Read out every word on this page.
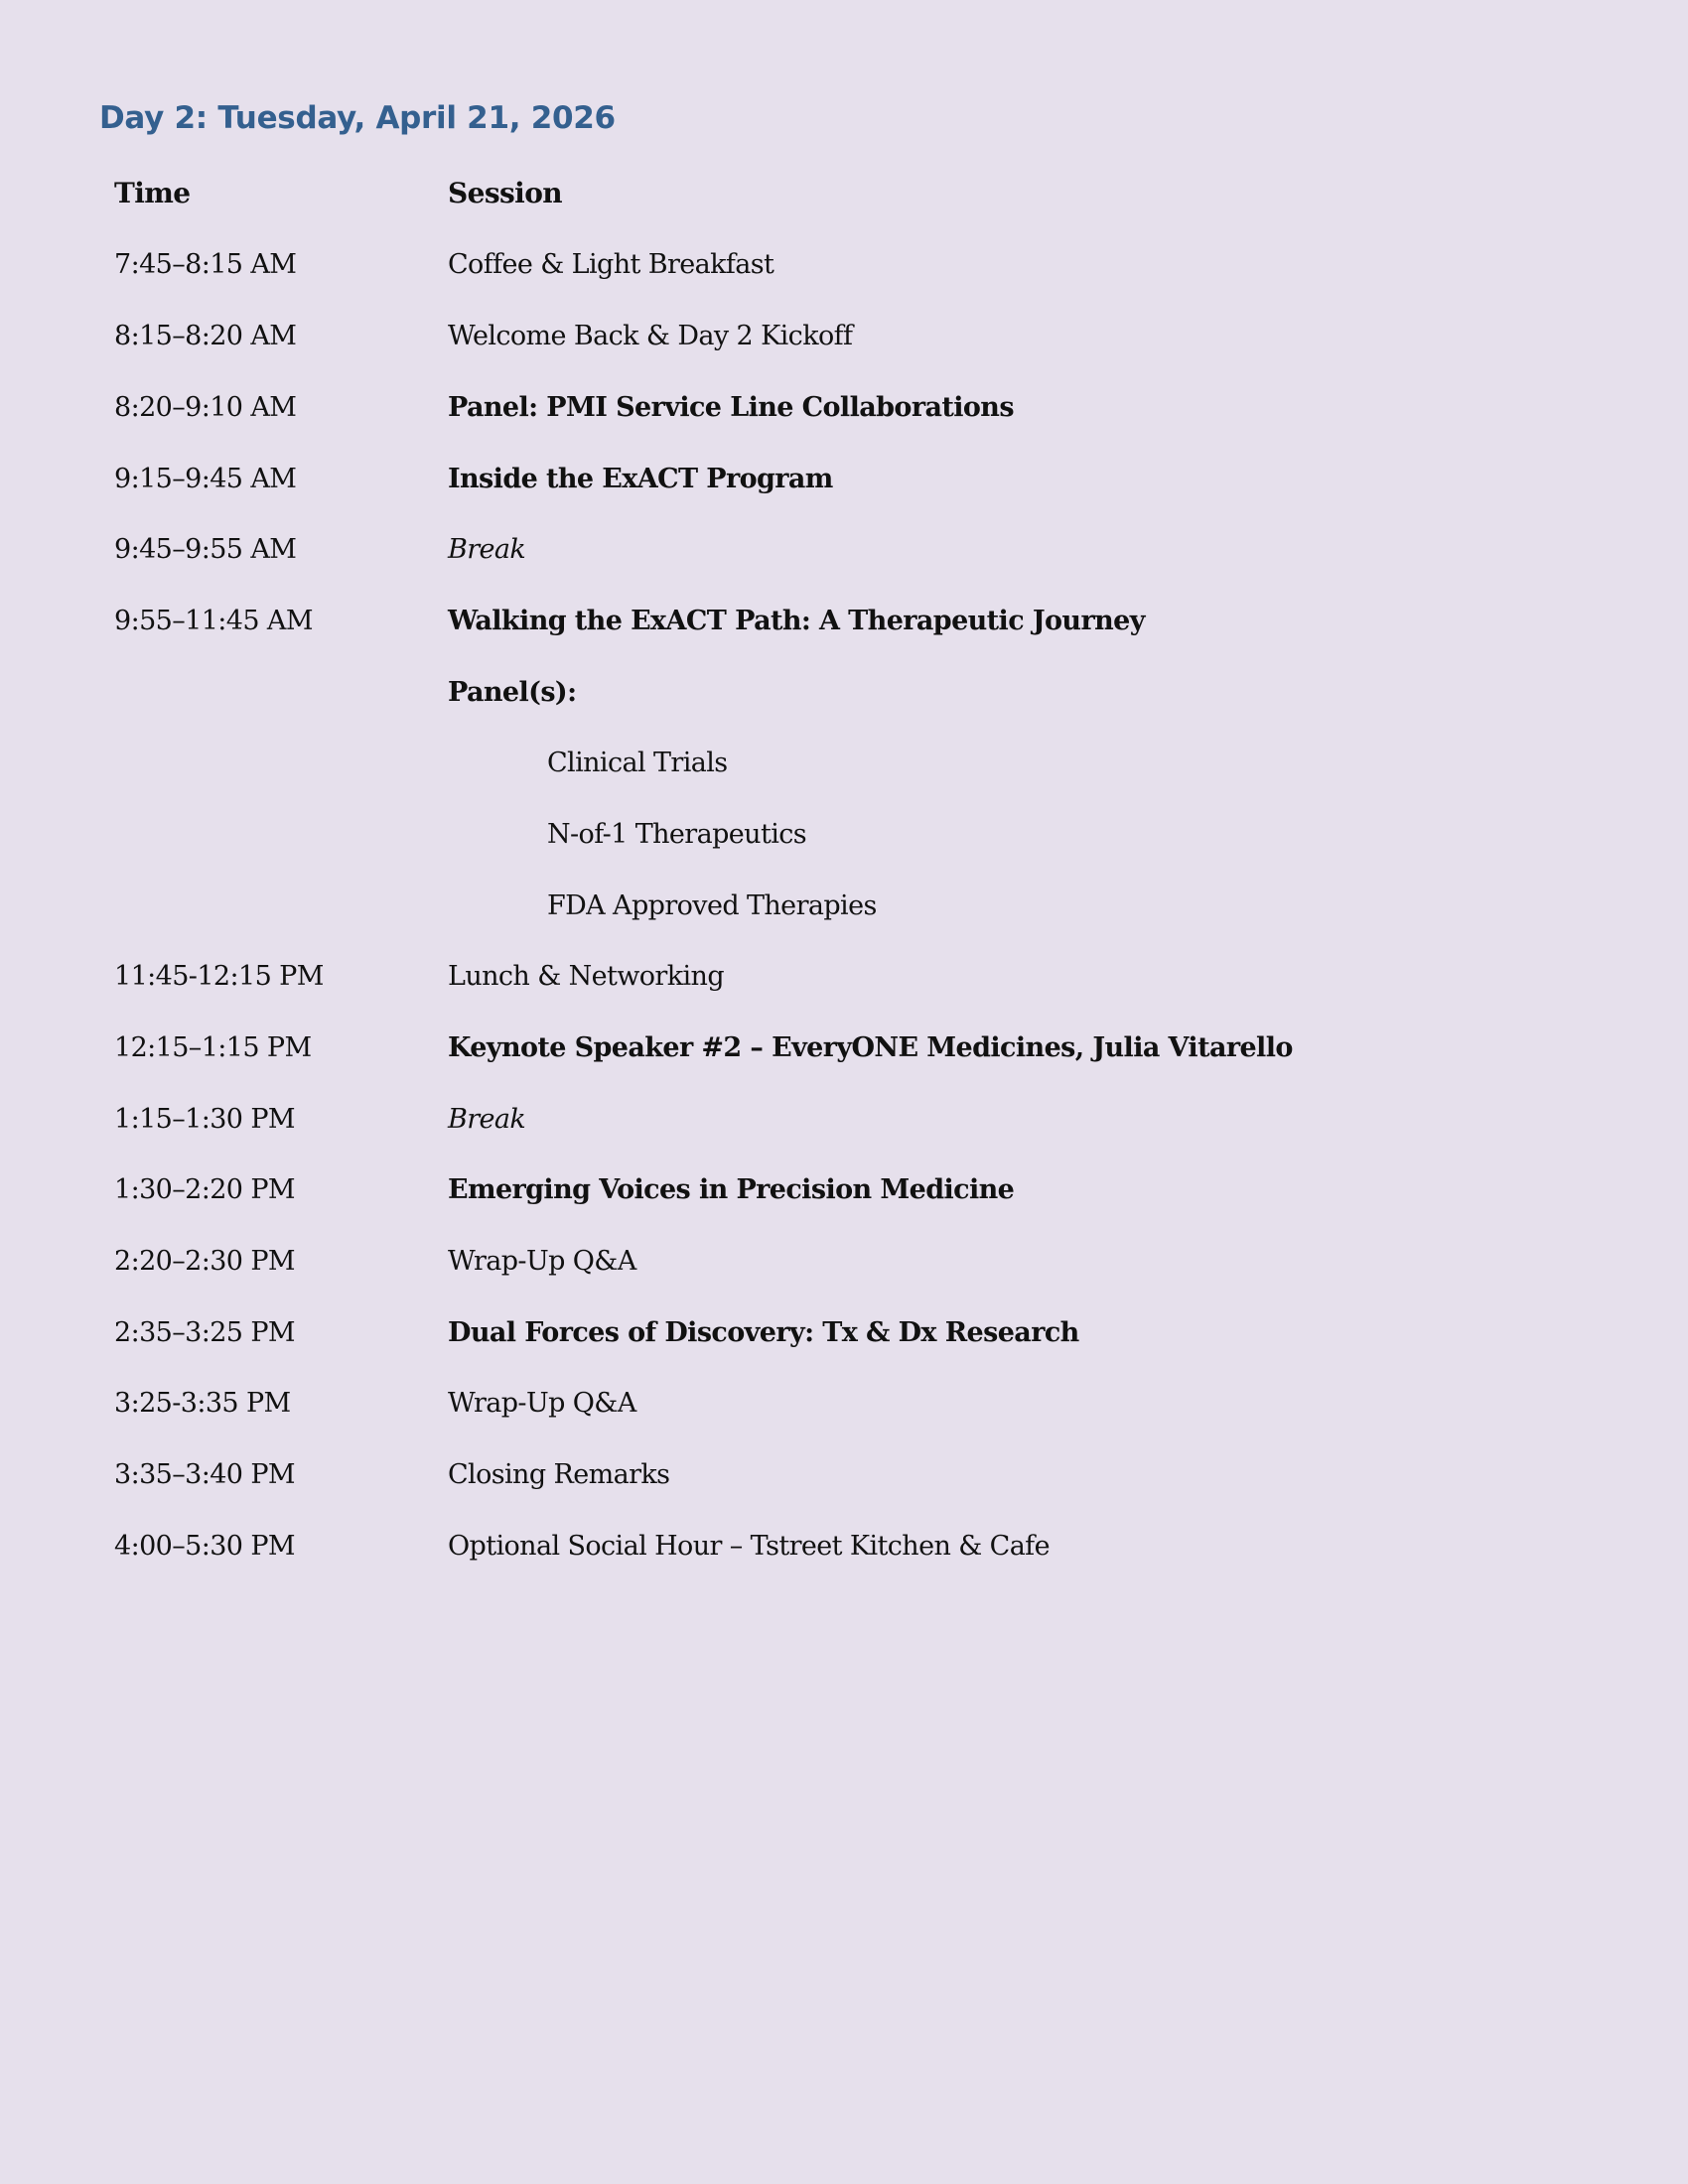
Day 2: Tuesday, April 21, 2026
Time	Session
7:45–8:15 AM	Coffee & Light Breakfast
8:15–8:20 AM	Welcome Back & Day 2 Kickoff
8:20–9:10 AM	Panel: PMI Service Line Collaborations
9:15–9:45 AM	Inside the ExACT Program
9:45–9:55 AM	Break
9:55–11:45 AM	Walking the ExACT Path: A Therapeutic Journey
Panel(s):
Clinical Trials
N-of-1 Therapeutics
FDA Approved Therapies
11:45-12:15 PM	Lunch & Networking
12:15–1:15 PM	Keynote Speaker #2 – EveryONE Medicines, Julia Vitarello
1:15–1:30 PM	Break
1:30–2:20 PM	Emerging Voices in Precision Medicine
2:20–2:30 PM	Wrap-Up Q&A
2:35–3:25 PM	Dual Forces of Discovery: Tx & Dx Research
3:25-3:35 PM	Wrap-Up Q&A
3:35–3:40 PM	Closing Remarks
4:00–5:30 PM	Optional Social Hour – Tstreet Kitchen & Cafe
